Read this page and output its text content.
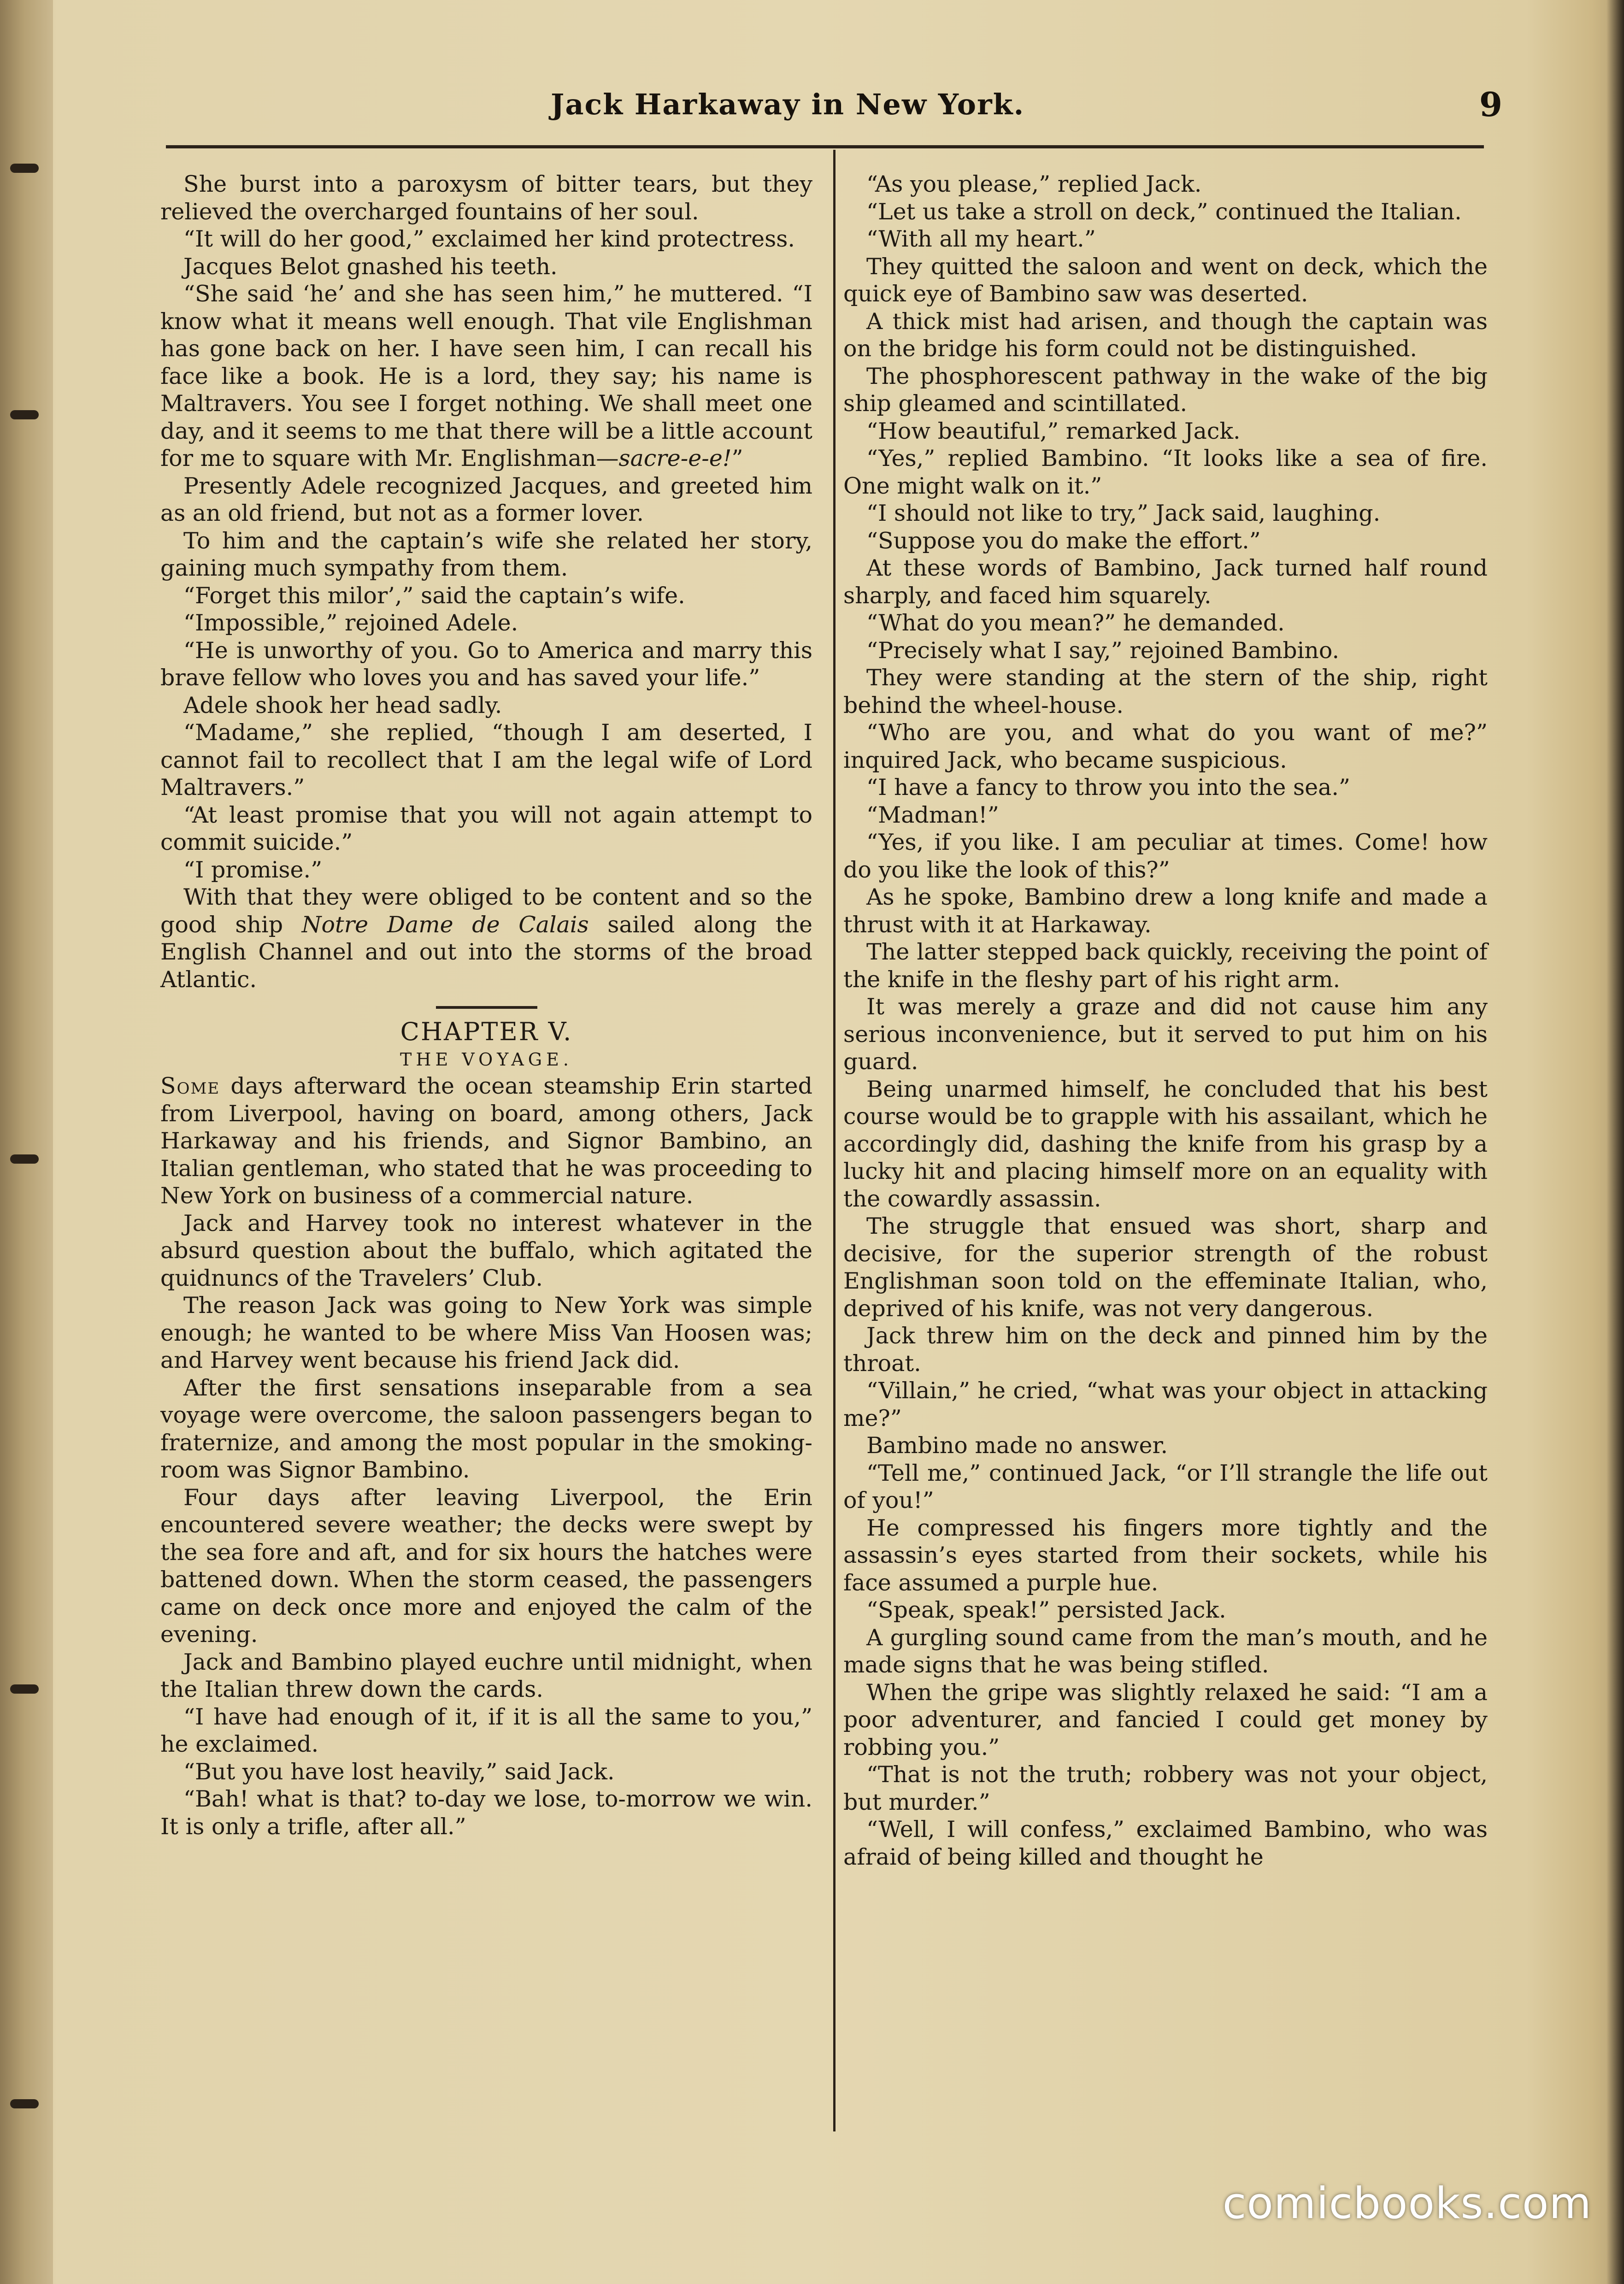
Jack Harkaway in New York.	9

She burst into a paroxysm of bitter tears, but they relieved the overcharged fountains of her soul.

“It will do her good,” exclaimed her kind protectress.

Jacques Belot gnashed his teeth.

“She said ‘he’ and she has seen him,” he muttered. “I know what it means well enough. That vile Englishman has gone back on her. I have seen him, I can recall his face like a book. He is a lord, they say; his name is Maltravers. You see I forget nothing. We shall meet one day, and it seems to me that there will be a little account for me to square with Mr. Englishman—sacre-e-e!”

Presently Adele recognized Jacques, and greeted him as an old friend, but not as a former lover.

To him and the captain’s wife she related her story, gaining much sympathy from them.

“Forget this milor’,” said the captain’s wife.

“Impossible,” rejoined Adele.

“He is unworthy of you. Go to America and marry this brave fellow who loves you and has saved your life.”

Adele shook her head sadly.

“Madame,” she replied, “though I am deserted, I cannot fail to recollect that I am the legal wife of Lord Maltravers.”

“At least promise that you will not again attempt to commit suicide.”

“I promise.”

With that they were obliged to be content and so the good ship Notre Dame de Calais sailed along the English Channel and out into the storms of the broad Atlantic.

CHAPTER V.
THE VOYAGE.

Some days afterward the ocean steamship Erin started from Liverpool, having on board, among others, Jack Harkaway and his friends, and Signor Bambino, an Italian gentleman, who stated that he was proceeding to New York on business of a commercial nature.

Jack and Harvey took no interest whatever in the absurd question about the buffalo, which agitated the quidnuncs of the Travelers’ Club.

The reason Jack was going to New York was simple enough; he wanted to be where Miss Van Hoosen was; and Harvey went because his friend Jack did.

After the first sensations inseparable from a sea voyage were overcome, the saloon passengers began to fraternize, and among the most popular in the smoking-room was Signor Bambino.

Four days after leaving Liverpool, the Erin encountered severe weather; the decks were swept by the sea fore and aft, and for six hours the hatches were battened down. When the storm ceased, the passengers came on deck once more and enjoyed the calm of the evening.

Jack and Bambino played euchre until midnight, when the Italian threw down the cards.

“I have had enough of it, if it is all the same to you,” he exclaimed.

“But you have lost heavily,” said Jack.

“Bah! what is that? to-day we lose, to-morrow we win. It is only a trifle, after all.”

“As you please,” replied Jack.

“Let us take a stroll on deck,” continued the Italian.

“With all my heart.”

They quitted the saloon and went on deck, which the quick eye of Bambino saw was deserted.

A thick mist had arisen, and though the captain was on the bridge his form could not be distinguished.

The phosphorescent pathway in the wake of the big ship gleamed and scintillated.

“How beautiful,” remarked Jack.

“Yes,” replied Bambino. “It looks like a sea of fire. One might walk on it.”

“I should not like to try,” Jack said, laughing.

“Suppose you do make the effort.”

At these words of Bambino, Jack turned half round sharply, and faced him squarely.

“What do you mean?” he demanded.

“Precisely what I say,” rejoined Bambino.

They were standing at the stern of the ship, right behind the wheel-house.

“Who are you, and what do you want of me?” inquired Jack, who became suspicious.

“I have a fancy to throw you into the sea.”

“Madman!”

“Yes, if you like. I am peculiar at times. Come! how do you like the look of this?”

As he spoke, Bambino drew a long knife and made a thrust with it at Harkaway.

The latter stepped back quickly, receiving the point of the knife in the fleshy part of his right arm.

It was merely a graze and did not cause him any serious inconvenience, but it served to put him on his guard.

Being unarmed himself, he concluded that his best course would be to grapple with his assailant, which he accordingly did, dashing the knife from his grasp by a lucky hit and placing himself more on an equality with the cowardly assassin.

The struggle that ensued was short, sharp and decisive, for the superior strength of the robust Englishman soon told on the effeminate Italian, who, deprived of his knife, was not very dangerous.

Jack threw him on the deck and pinned him by the throat.

“Villain,” he cried, “what was your object in attacking me?”

Bambino made no answer.

“Tell me,” continued Jack, “or I’ll strangle the life out of you!”

He compressed his fingers more tightly and the assassin’s eyes started from their sockets, while his face assumed a purple hue.

“Speak, speak!” persisted Jack.

A gurgling sound came from the man’s mouth, and he made signs that he was being stifled.

When the gripe was slightly relaxed he said: “I am a poor adventurer, and fancied I could get money by robbing you.”

“That is not the truth; robbery was not your object, but murder.”

“Well, I will confess,” exclaimed Bambino, who was afraid of being killed and thought he

comicbooks.com
